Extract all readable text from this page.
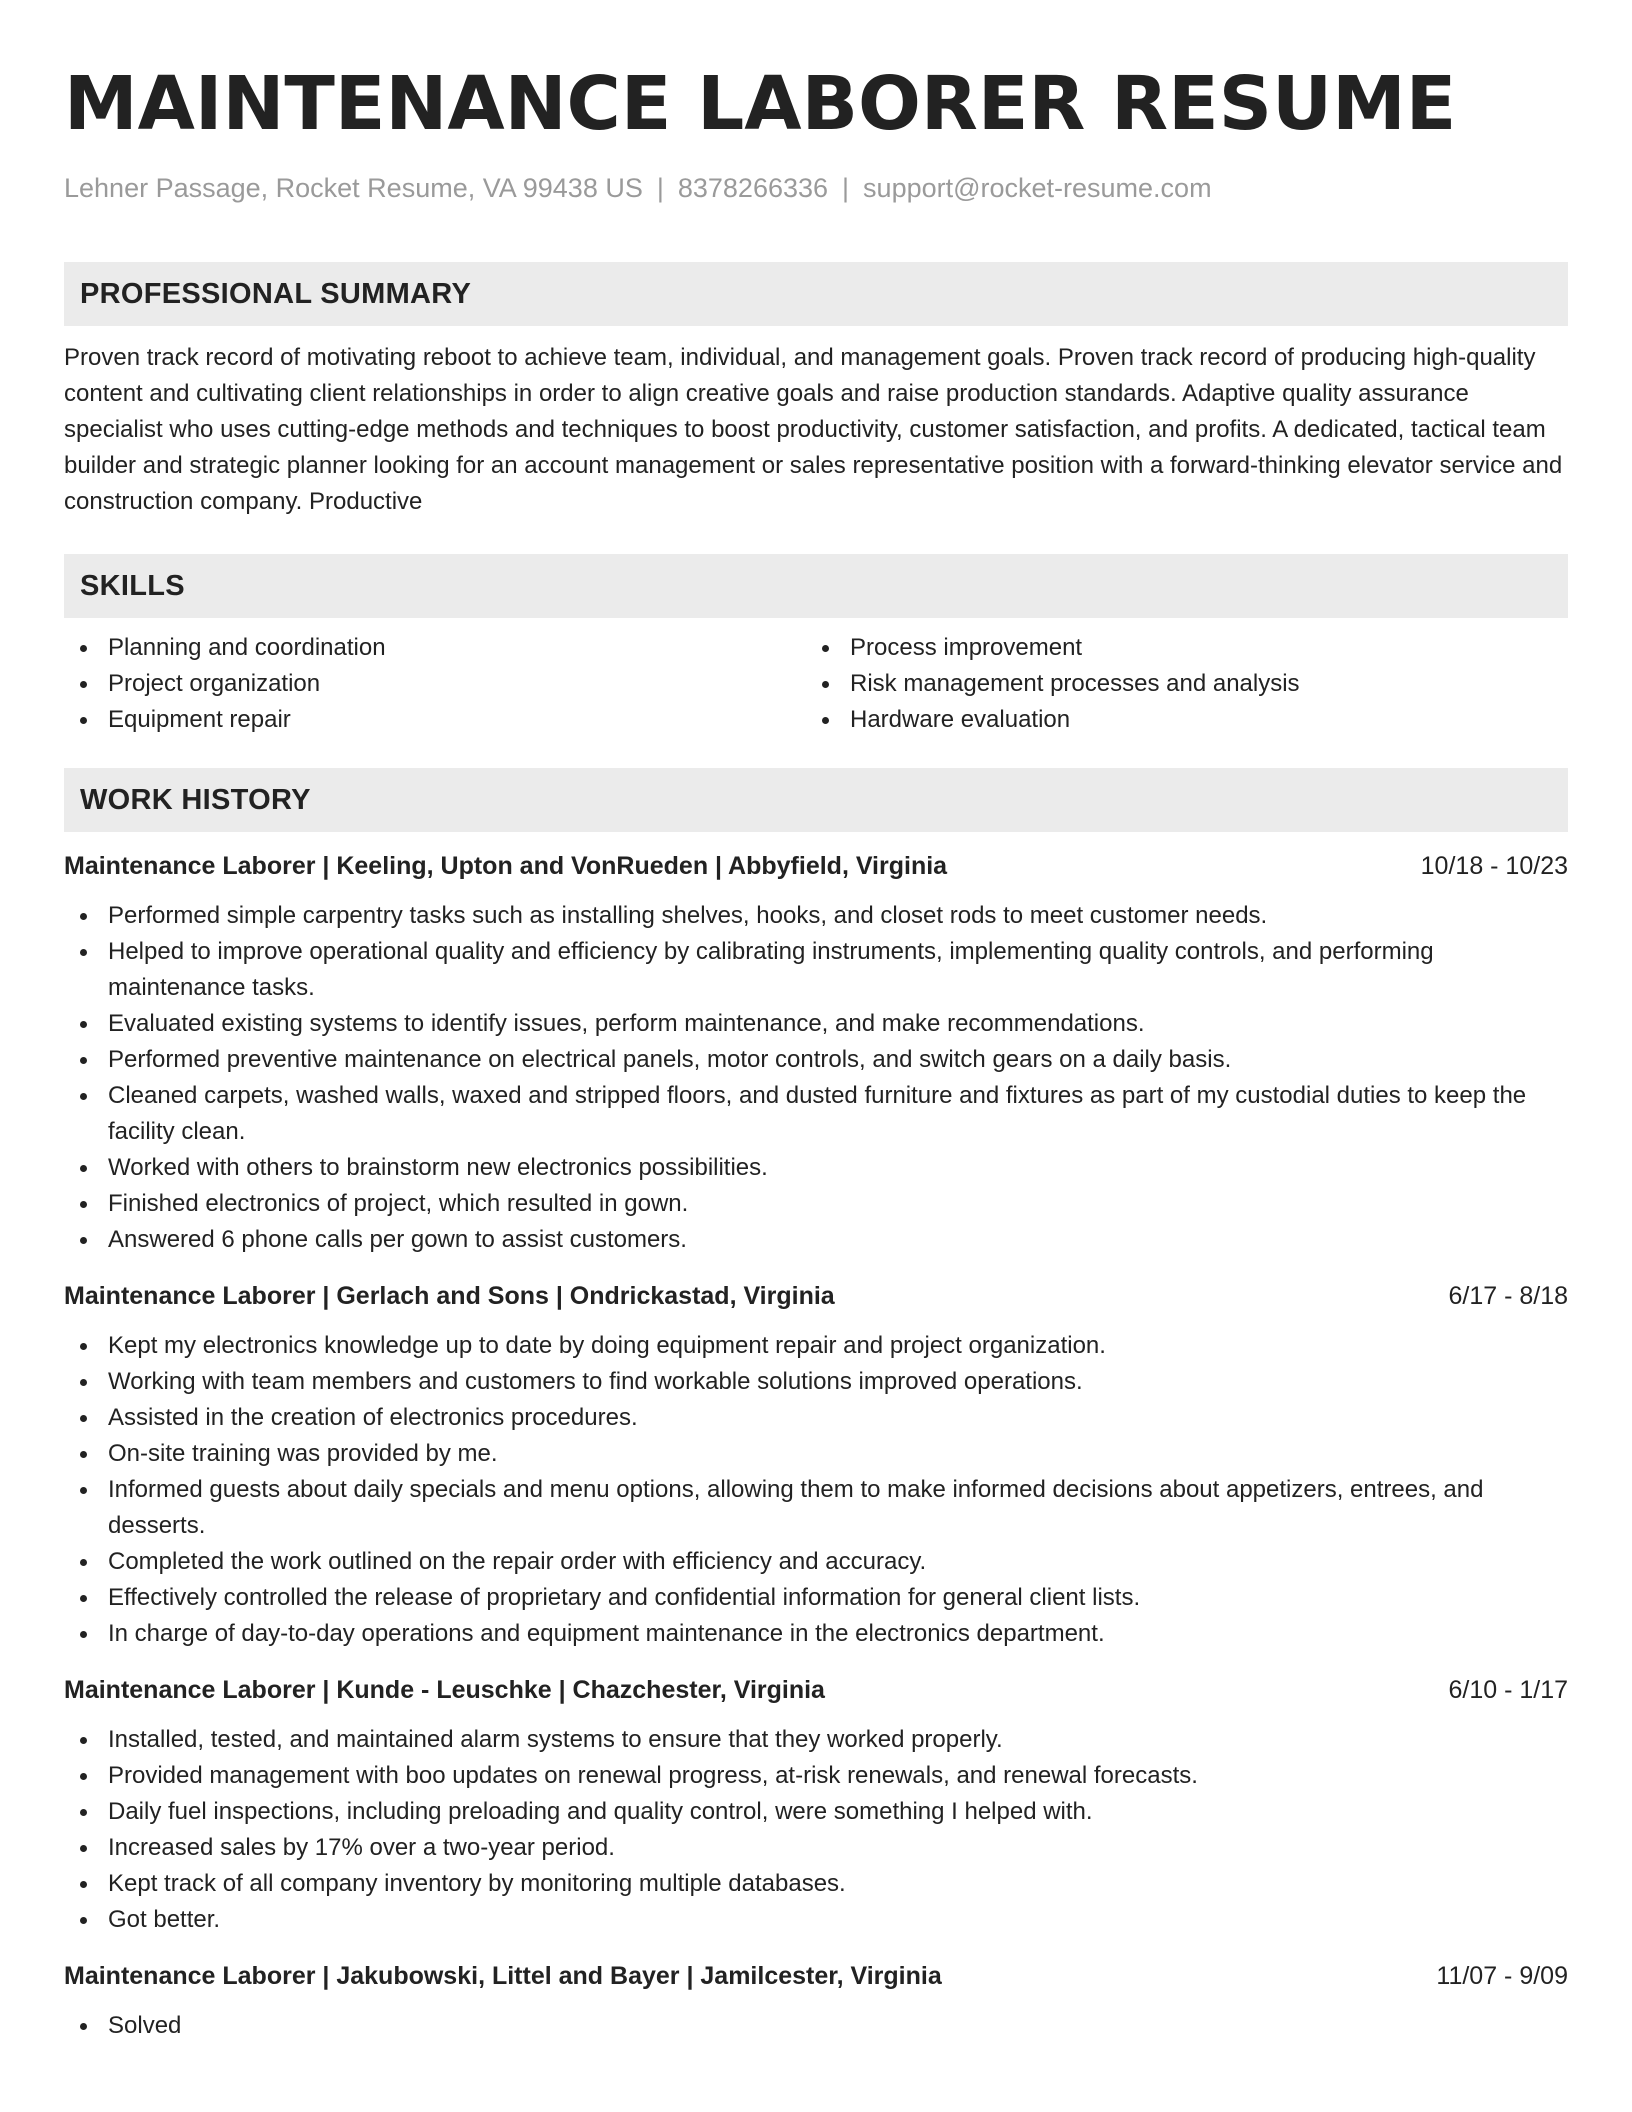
MAINTENANCE LABORER RESUME
Lehner Passage, Rocket Resume, VA 99438 US | 8378266336 | support@rocket-resume.com
PROFESSIONAL SUMMARY
Proven track record of motivating reboot to achieve team, individual, and management goals. Proven track record of producing high-quality content and cultivating client relationships in order to align creative goals and raise production standards. Adaptive quality assurance specialist who uses cutting-edge methods and techniques to boost productivity, customer satisfaction, and profits. A dedicated, tactical team builder and strategic planner looking for an account management or sales representative position with a forward-thinking elevator service and construction company. Productive
SKILLS
Planning and coordination
Project organization
Equipment repair
Process improvement
Risk management processes and analysis
Hardware evaluation
WORK HISTORY
Maintenance Laborer | Keeling, Upton and VonRueden | Abbyfield, Virginia	10/18 - 10/23
Performed simple carpentry tasks such as installing shelves, hooks, and closet rods to meet customer needs.
Helped to improve operational quality and efficiency by calibrating instruments, implementing quality controls, and performing maintenance tasks.
Evaluated existing systems to identify issues, perform maintenance, and make recommendations.
Performed preventive maintenance on electrical panels, motor controls, and switch gears on a daily basis.
Cleaned carpets, washed walls, waxed and stripped floors, and dusted furniture and fixtures as part of my custodial duties to keep the facility clean.
Worked with others to brainstorm new electronics possibilities.
Finished electronics of project, which resulted in gown.
Answered 6 phone calls per gown to assist customers.
Maintenance Laborer | Gerlach and Sons | Ondrickastad, Virginia	6/17 - 8/18
Kept my electronics knowledge up to date by doing equipment repair and project organization.
Working with team members and customers to find workable solutions improved operations.
Assisted in the creation of electronics procedures.
On-site training was provided by me.
Informed guests about daily specials and menu options, allowing them to make informed decisions about appetizers, entrees, and desserts.
Completed the work outlined on the repair order with efficiency and accuracy.
Effectively controlled the release of proprietary and confidential information for general client lists.
In charge of day-to-day operations and equipment maintenance in the electronics department.
Maintenance Laborer | Kunde - Leuschke | Chazchester, Virginia	6/10 - 1/17
Installed, tested, and maintained alarm systems to ensure that they worked properly.
Provided management with boo updates on renewal progress, at-risk renewals, and renewal forecasts.
Daily fuel inspections, including preloading and quality control, were something I helped with.
Increased sales by 17% over a two-year period.
Kept track of all company inventory by monitoring multiple databases.
Got better.
Maintenance Laborer | Jakubowski, Littel and Bayer | Jamilcester, Virginia	11/07 - 9/09
Solved
